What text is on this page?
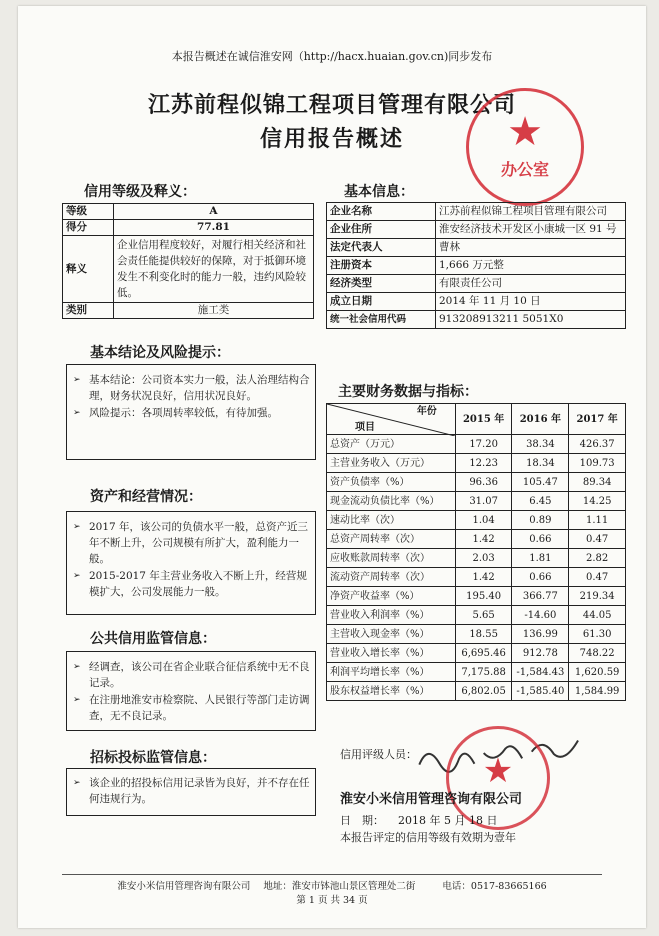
本报告概述在诚信淮安网（http://hacx.huaian.gov.cn)同步发布
江苏前程似锦工程项目管理有限公司
信用报告概述	★
办公室
信用等级及释义：
等级	A
得分	77.81
释义	企业信用程度较好，对履行相关经济和社会责任能提供较好的保障，对于抵御环境发生不利变化时的能力一般，违约风险较低。
类别	施工类
基本结论及风险提示：
➢ 基本结论：公司资本实力一般，法人治理结构合理，财务状况良好，信用状况良好。
➢ 风险提示：各项周转率较低，有待加强。
资产和经营情况：
➢ 2017 年，该公司的负债水平一般，总资产近三年不断上升，公司规模有所扩大，盈利能力一般。
➢ 2015-2017 年主营业务收入不断上升，经营规模扩大，公司发展能力一般。
公共信用监管信息：
➢ 经调查，该公司在省企业联合征信系统中无不良记录。
➢ 在注册地淮安市检察院、人民银行等部门走访调查，无不良记录。
招标投标监管信息：
➢ 该企业的招投标信用记录皆为良好，并不存在任何违规行为。
基本信息：
企业名称	江苏前程似锦工程项目管理有限公司
企业住所	淮安经济技术开发区小康城一区 91 号
法定代表人	曹林
注册资本	1,666 万元整
经济类型	有限责任公司
成立日期	2014 年 11 月 10 日
统一社会信用代码	913208913211 5051X0
主要财务数据与指标：
年份
项目	2015 年	2016 年	2017 年
总资产（万元）	17.20	38.34	426.37
主营业务收入（万元）	12.23	18.34	109.73
资产负债率（%）	96.36	105.47	89.34
现金流动负债比率（%）	31.07	6.45	14.25
速动比率（次）	1.04	0.89	1.11
总资产周转率（次）	1.42	0.66	0.47
应收账款周转率（次）	2.03	1.81	2.82
流动资产周转率（次）	1.42	0.66	0.47
净资产收益率（%）	195.40	366.77	219.34
营业收入利润率（%）	5.65	-14.60	44.05
主营收入现金率（%）	18.55	136.99	61.30
营业收入增长率（%）	6,695.46	912.78	748.22
利润平均增长率（%）	7,175.88	-1,584.43	1,620.59
股东权益增长率（%）	6,802.05	-1,585.40	1,584.99
信用评级人员：	★
淮安小米信用管理咨询有限公司
日　期： 2018 年 5 月 18 日
本报告评定的信用等级有效期为壹年
淮安小米信用管理咨询有限公司 地址：淮安市钵池山景区管理处二街	电话：0517-83665166
第 1 页 共 34 页
